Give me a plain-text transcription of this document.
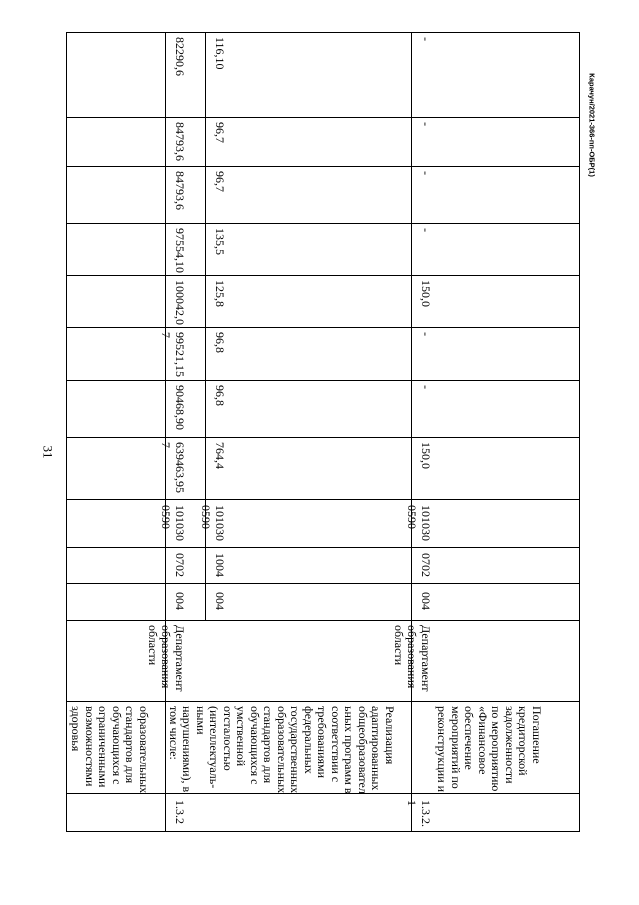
31
Карачун/2021-366-пп-ОБР(1)
образовательных
стандартов для
обучающихся с
ограниченными
возможностями
здоровья
1.3.2
Реализация
адаптированных
общеобразовател
ьных программ в
соответствии с
требованиями
федеральных
государственных
образовательных
стандартов для
обучающихся с
умственной
отсталостью
(интеллектуаль-
ными
нарушениями), в
том числе:
Департамент
образования
области
004
0702
101030
0590
639463,95
7
90468,90
99521,15
7
100042,0
97554,10
84793,6
84793,6
82290,6
004
1004
101030
0590
764,4
96,8
96,8
125,8
135,5
96,7
96,7
116,10
1.3.2.
1
Погашение
кредиторской
задолженности
по мероприятию
«Финансовое
обеспечение
мероприятий по
реконструкции и
Департамент
образования
области
004
0702
101030
0590
150,0
-
-
150,0
-
-
-
-
